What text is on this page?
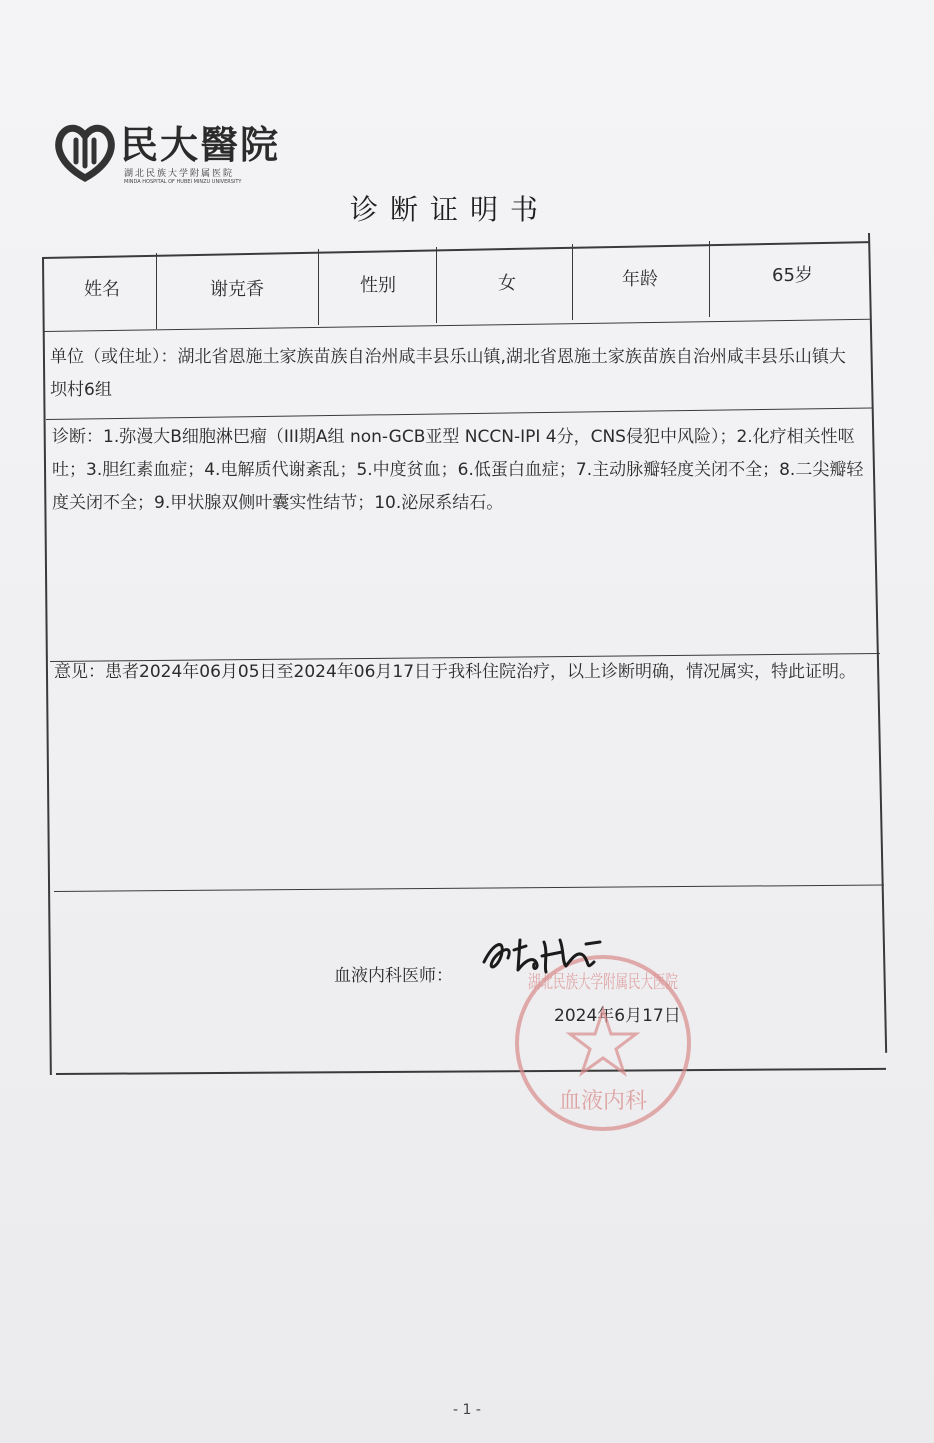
民大醫院
湖北民族大学附属医院
MINDA HOSPITAL OF HUBEI MINZU UNIVERSITY
诊断证明书
姓名	谢克香	性别	女	年龄	65岁
单位（或住址）：湖北省恩施土家族苗族自治州咸丰县乐山镇,湖北省恩施土家族苗族自治州咸丰县乐山镇大坝村6组
诊断：1.弥漫大B细胞淋巴瘤（III期A组 non-GCB亚型 NCCN-IPI 4分，CNS侵犯中风险）；2.化疗相关性呕吐；3.胆红素血症；4.电解质代谢紊乱；5.中度贫血；6.低蛋白血症；7.主动脉瓣轻度关闭不全；8.二尖瓣轻度关闭不全；9.甲状腺双侧叶囊实性结节；10.泌尿系结石。
意见：患者2024年06月05日至2024年06月17日于我科住院治疗，以上诊断明确，情况属实，特此证明。
血液内科医师：
2024年6月17日
湖北民族大学附属民大医院
血液内科
- 1 -
